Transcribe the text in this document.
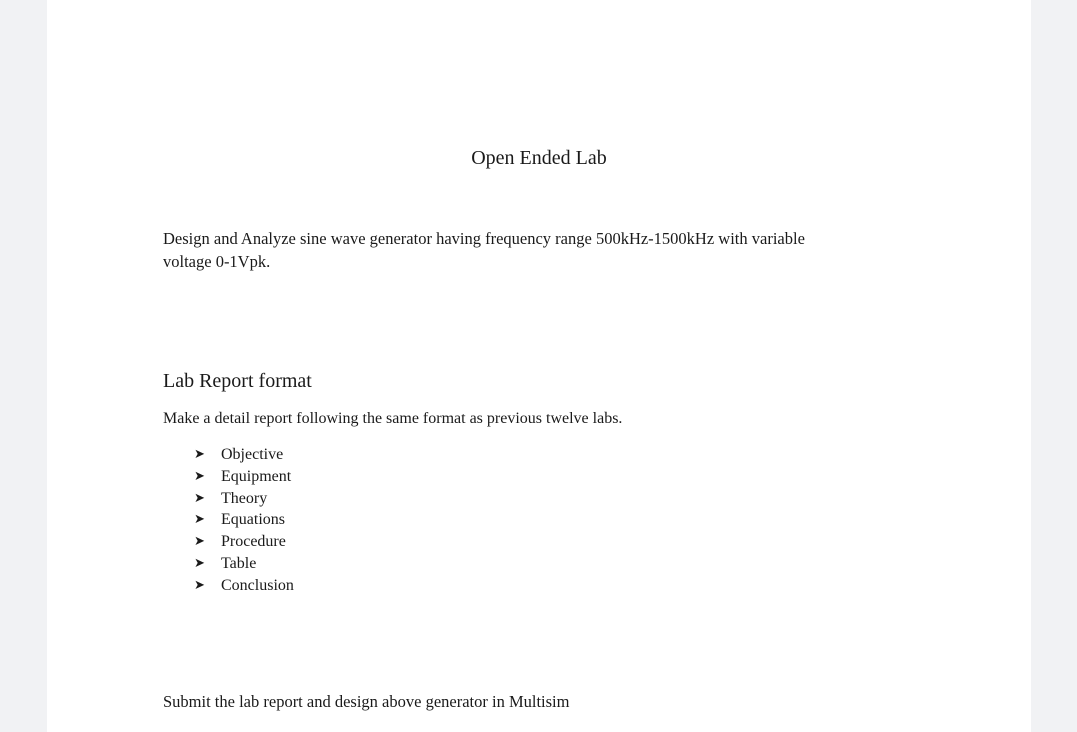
Open Ended Lab
Design and Analyze sine wave generator having frequency range 500kHz-1500kHz with variable
voltage 0-1Vpk.
Lab Report format
Make a detail report following the same format as previous twelve labs.
➤	Objective
➤	Equipment
➤	Theory
➤	Equations
➤	Procedure
➤	Table
➤	Conclusion
Submit the lab report and design above generator in Multisim
